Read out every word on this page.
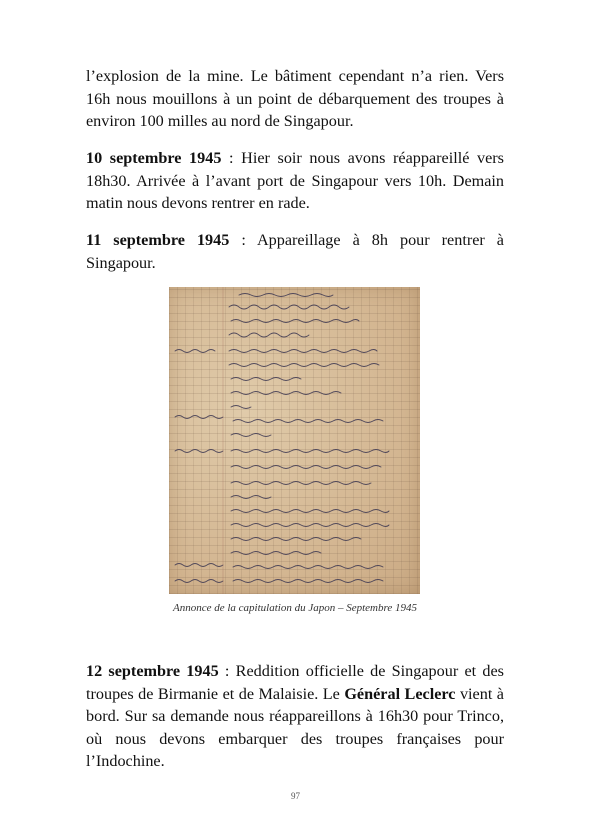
l’explosion de la mine. Le bâtiment cependant n’a rien. Vers 16h nous mouillons à un point de débarquement des troupes à environ 100 milles au nord de Singapour.

10 septembre 1945 : Hier soir nous avons réappareillé vers 18h30. Arrivée à l’avant port de Singapour vers 10h. Demain matin nous devons rentrer en rade.

11 septembre 1945 : Appareillage à 8h pour rentrer à Singapour.

Annonce de la capitulation du Japon – Septembre 1945

12 septembre 1945 : Reddition officielle de Singapour et des troupes de Birmanie et de Malaisie. Le Général Leclerc vient à bord. Sur sa demande nous réappareillons à 16h30 pour Trinco, où nous devons embarquer des troupes françaises pour l’Indochine.

97
